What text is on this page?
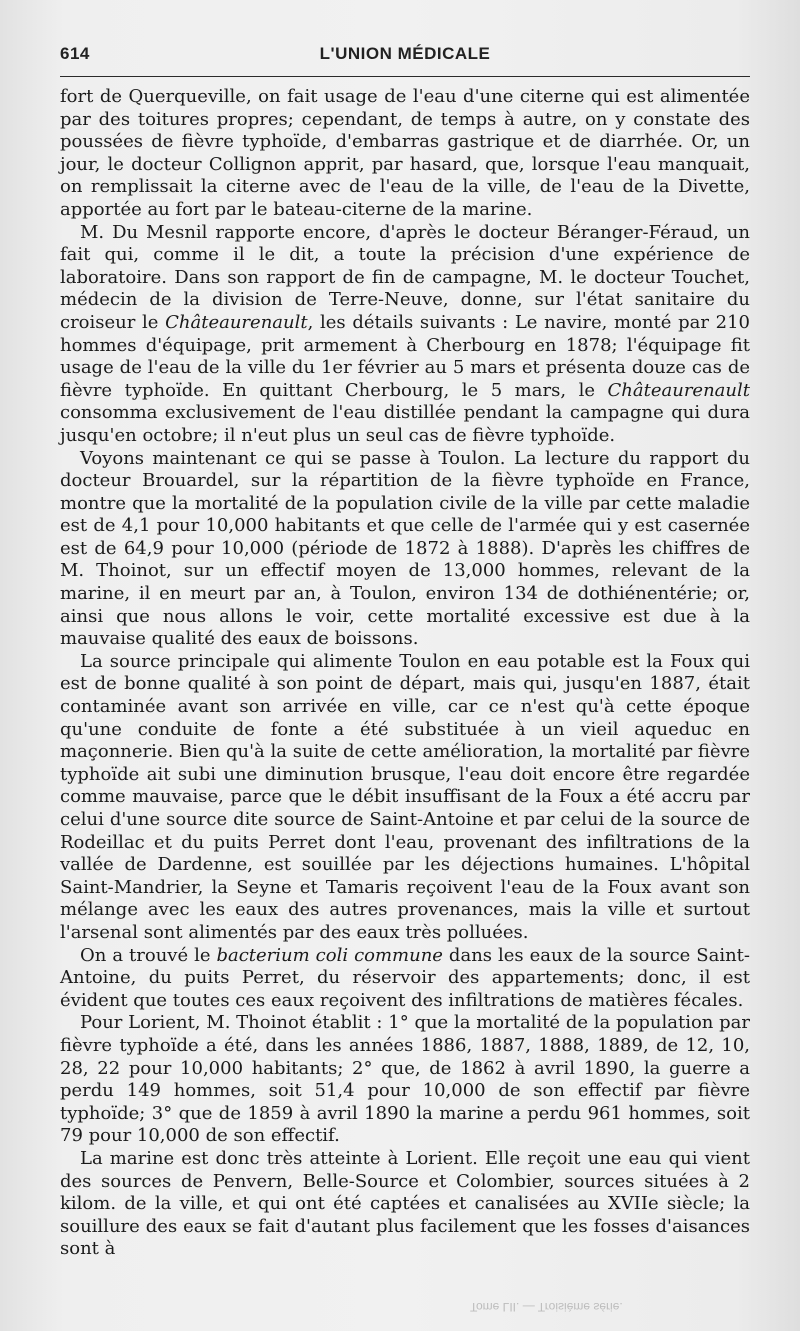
614	L'UNION MÉDICALE

fort de Querqueville, on fait usage de l'eau d'une citerne qui est alimentée par des toitures propres; cependant, de temps à autre, on y constate des poussées de fièvre typhoïde, d'embarras gastrique et de diarrhée. Or, un jour, le docteur Collignon apprit, par hasard, que, lorsque l'eau manquait, on remplissait la citerne avec de l'eau de la ville, de l'eau de la Divette, apportée au fort par le bateau-citerne de la marine.

M. Du Mesnil rapporte encore, d'après le docteur Béranger-Féraud, un fait qui, comme il le dit, a toute la précision d'une expérience de laboratoire. Dans son rapport de fin de campagne, M. le docteur Touchet, médecin de la division de Terre-Neuve, donne, sur l'état sanitaire du croiseur le Châteaurenault, les détails suivants : Le navire, monté par 210 hommes d'équipage, prit armement à Cherbourg en 1878; l'équipage fit usage de l'eau de la ville du 1er février au 5 mars et présenta douze cas de fièvre typhoïde. En quittant Cherbourg, le 5 mars, le Châteaurenault consomma exclusivement de l'eau distillée pendant la campagne qui dura jusqu'en octobre; il n'eut plus un seul cas de fièvre typhoïde.

Voyons maintenant ce qui se passe à Toulon. La lecture du rapport du docteur Brouardel, sur la répartition de la fièvre typhoïde en France, montre que la mortalité de la population civile de la ville par cette maladie est de 4,1 pour 10,000 habitants et que celle de l'armée qui y est casernée est de 64,9 pour 10,000 (période de 1872 à 1888). D'après les chiffres de M. Thoinot, sur un effectif moyen de 13,000 hommes, relevant de la marine, il en meurt par an, à Toulon, environ 134 de dothiénentérie; or, ainsi que nous allons le voir, cette mortalité excessive est due à la mauvaise qualité des eaux de boissons.

La source principale qui alimente Toulon en eau potable est la Foux qui est de bonne qualité à son point de départ, mais qui, jusqu'en 1887, était contaminée avant son arrivée en ville, car ce n'est qu'à cette époque qu'une conduite de fonte a été substituée à un vieil aqueduc en maçonnerie. Bien qu'à la suite de cette amélioration, la mortalité par fièvre typhoïde ait subi une diminution brusque, l'eau doit encore être regardée comme mauvaise, parce que le débit insuffisant de la Foux a été accru par celui d'une source dite source de Saint-Antoine et par celui de la source de Rodeillac et du puits Perret dont l'eau, provenant des infiltrations de la vallée de Dardenne, est souillée par les déjections humaines. L'hôpital Saint-Mandrier, la Seyne et Tamaris reçoivent l'eau de la Foux avant son mélange avec les eaux des autres provenances, mais la ville et surtout l'arsenal sont alimentés par des eaux très polluées.

On a trouvé le bacterium coli commune dans les eaux de la source Saint-Antoine, du puits Perret, du réservoir des appartements; donc, il est évident que toutes ces eaux reçoivent des infiltrations de matières fécales.

Pour Lorient, M. Thoinot établit : 1° que la mortalité de la population par fièvre typhoïde a été, dans les années 1886, 1887, 1888, 1889, de 12, 10, 28, 22 pour 10,000 habitants; 2° que, de 1862 à avril 1890, la guerre a perdu 149 hommes, soit 51,4 pour 10,000 de son effectif par fièvre typhoïde; 3° que de 1859 à avril 1890 la marine a perdu 961 hommes, soit 79 pour 10,000 de son effectif.

La marine est donc très atteinte à Lorient. Elle reçoit une eau qui vient des sources de Penvern, Belle-Source et Colombier, sources situées à 2 kilom. de la ville, et qui ont été captées et canalisées au XVIIe siècle; la souillure des eaux se fait d'autant plus facilement que les fosses d'aisances sont à

Tome LII. — Troisième série.
